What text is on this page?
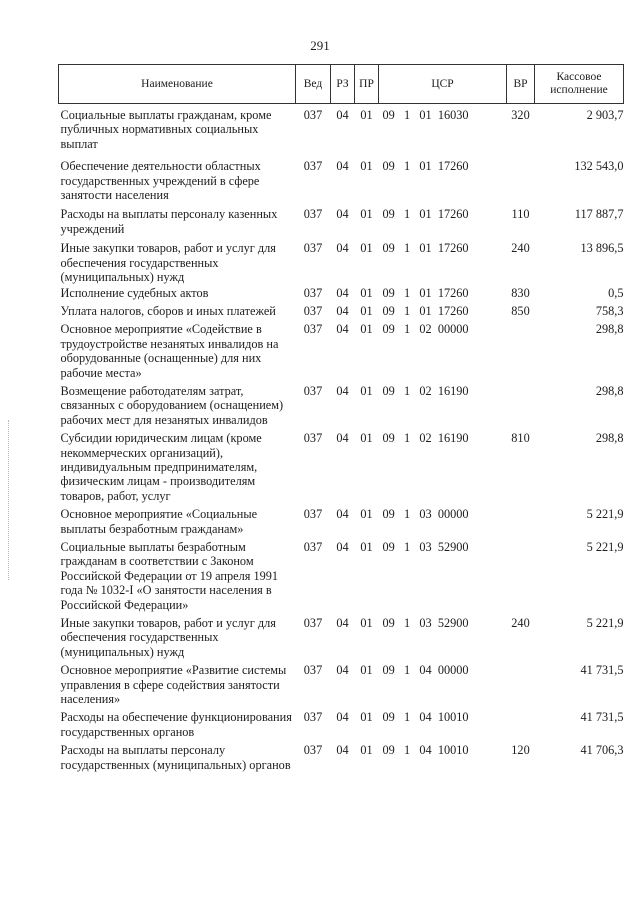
291
Наименование	Вед	РЗ	ПР	ЦСР	ВР	Кассовое исполнение
Социальные выплаты гражданам, кроме публичных нормативных социальных выплат	037	04	01	09   1   01  16030	320	2 903,7
Обеспечение деятельности областных государственных учреждений в сфере занятости населения	037	04	01	09   1   01  17260		132 543,0
Расходы на выплаты персоналу казенных учреждений	037	04	01	09   1   01  17260	110	117 887,7
Иные закупки товаров, работ и услуг для обеспечения государственных (муниципальных) нужд	037	04	01	09   1   01  17260	240	13 896,5
Исполнение судебных актов	037	04	01	09   1   01  17260	830	0,5
Уплата налогов, сборов и иных платежей	037	04	01	09   1   01  17260	850	758,3
Основное мероприятие «Содействие в трудоустройстве незанятых инвалидов на оборудованные (оснащенные) для них рабочие места»	037	04	01	09   1   02  00000		298,8
Возмещение работодателям затрат, связанных с оборудованием (оснащением) рабочих мест для незанятых инвалидов	037	04	01	09   1   02  16190		298,8
Субсидии юридическим лицам (кроме некоммерческих организаций), индивидуальным предпринимателям, физическим лицам - производителям товаров, работ, услуг	037	04	01	09   1   02  16190	810	298,8
Основное мероприятие «Социальные выплаты безработным гражданам»	037	04	01	09   1   03  00000		5 221,9
Социальные выплаты безработным гражданам в соответствии с Законом Российской Федерации от 19 апреля 1991 года № 1032-I «О занятости населения в Российской Федерации»	037	04	01	09   1   03  52900		5 221,9
Иные закупки товаров, работ и услуг для обеспечения государственных (муниципальных) нужд	037	04	01	09   1   03  52900	240	5 221,9
Основное мероприятие «Развитие системы управления в сфере содействия занятости населения»	037	04	01	09   1   04  00000		41 731,5
Расходы на обеспечение функционирования государственных органов	037	04	01	09   1   04  10010		41 731,5
Расходы на выплаты персоналу государственных (муниципальных) органов	037	04	01	09   1   04  10010	120	41 706,3
